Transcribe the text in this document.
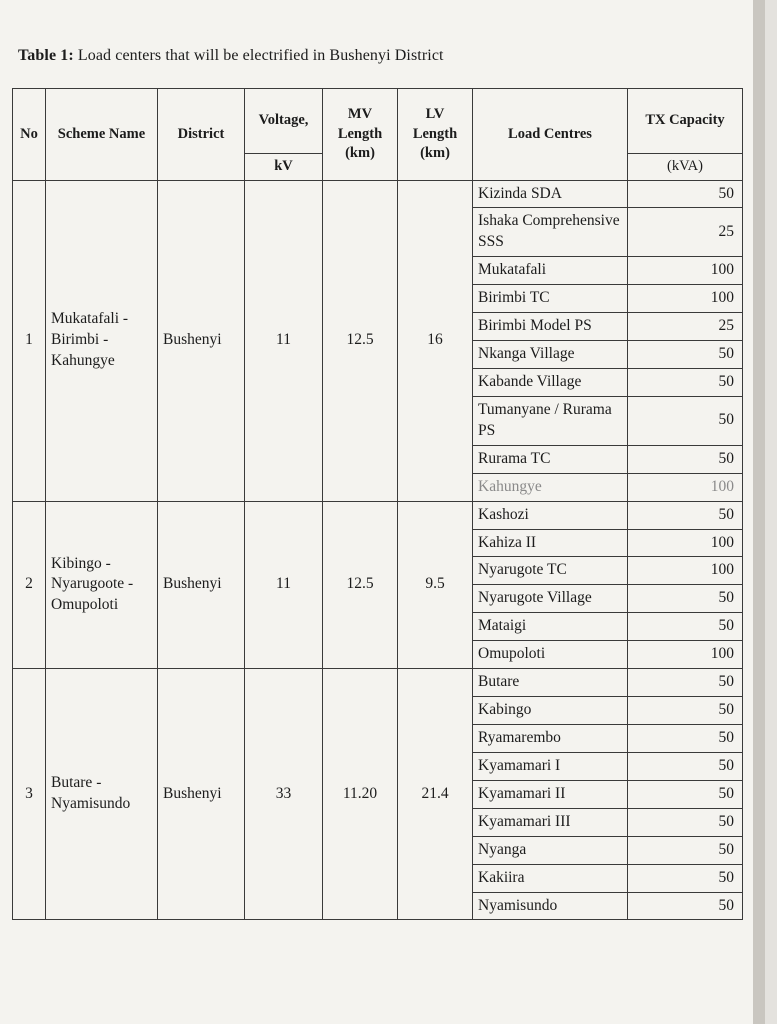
Table 1: Load centers that will be electrified in Bushenyi District

No	Scheme Name	District	Voltage,	MV Length (km)	LV Length (km)	Load Centres	TX Capacity
			kV				(kVA)
1	Mukatafali - Birimbi - Kahungye	Bushenyi	11	12.5	16	Kizinda SDA	50
						Ishaka Comprehensive SSS	25
						Mukatafali	100
						Birimbi TC	100
						Birimbi Model PS	25
						Nkanga Village	50
						Kabande Village	50
						Tumanyane / Rurama PS	50
						Rurama TC	50
						Kahungye	100
2	Kibingo - Nyarugoote - Omupoloti	Bushenyi	11	12.5	9.5	Kashozi	50
						Kahiza II	100
						Nyarugote TC	100
						Nyarugote Village	50
						Mataigi	50
						Omupoloti	100
3	Butare - Nyamisundo	Bushenyi	33	11.20	21.4	Butare	50
						Kabingo	50
						Ryamarembo	50
						Kyamamari I	50
						Kyamamari II	50
						Kyamamari III	50
						Nyanga	50
						Kakiira	50
						Nyamisundo	50
